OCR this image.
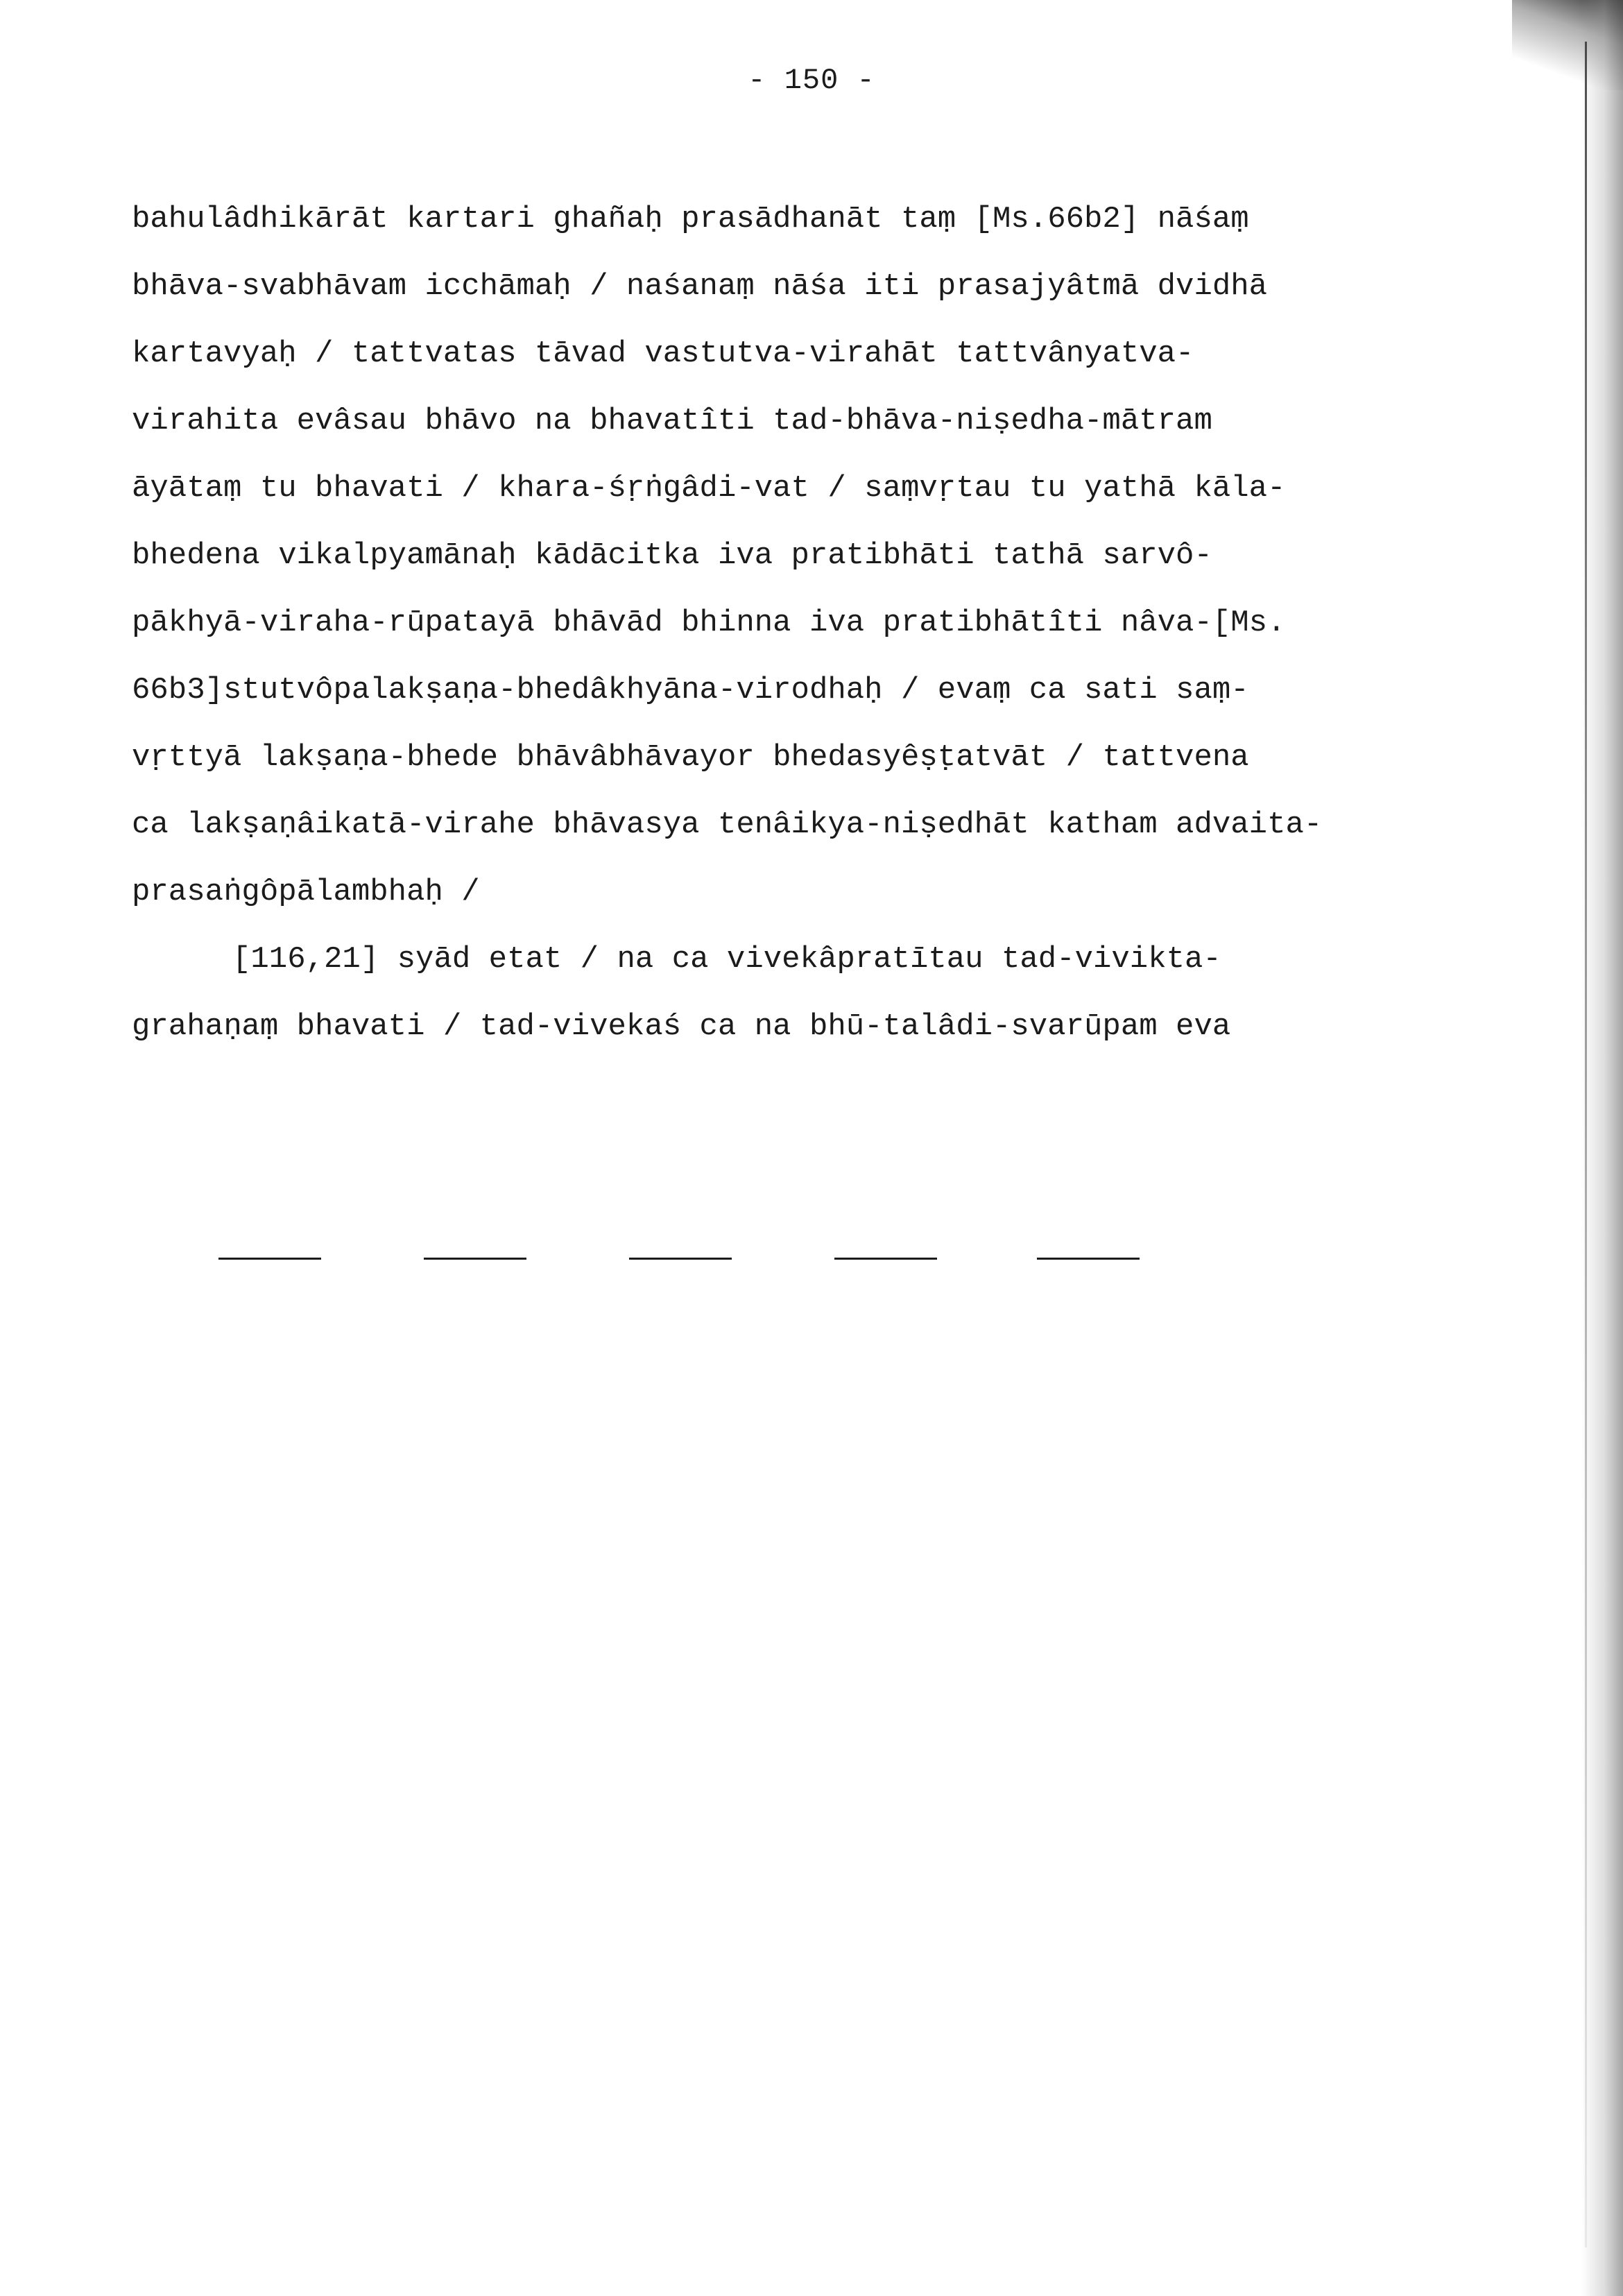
- 150 -
bahulâdhikārāt kartari ghañaḥ prasādhanāt taṃ [Ms.66b2] nāśaṃ
bhāva-svabhāvam icchāmaḥ / naśanaṃ nāśa iti prasajyâtmā dvidhā
kartavyaḥ / tattvatas tāvad vastutva-virahāt tattvânyatva-
virahita evâsau bhāvo na bhavatîti tad-bhāva-niṣedha-mātram
āyātaṃ tu bhavati / khara-śṛṅgâdi-vat / saṃvṛtau tu yathā kāla-
bhedena vikalpyamānaḥ kādācitka iva pratibhāti tathā sarvô-
pākhyā-viraha-rūpatayā bhāvād bhinna iva pratibhātîti nâva-[Ms.
66b3]stutvôpalakṣaṇa-bhedâkhyāna-virodhaḥ / evaṃ ca sati saṃ-
vṛttyā lakṣaṇa-bhede bhāvâbhāvayor bhedasyêṣṭatvāt / tattvena
ca lakṣaṇâikatā-virahe bhāvasya tenâikya-niṣedhāt katham advaita-
prasaṅgôpālambhaḥ /
[116,21] syād etat / na ca vivekâpratītau tad-vivikta-
grahaṇaṃ bhavati / tad-vivekaś ca na bhū-talâdi-svarūpam eva
